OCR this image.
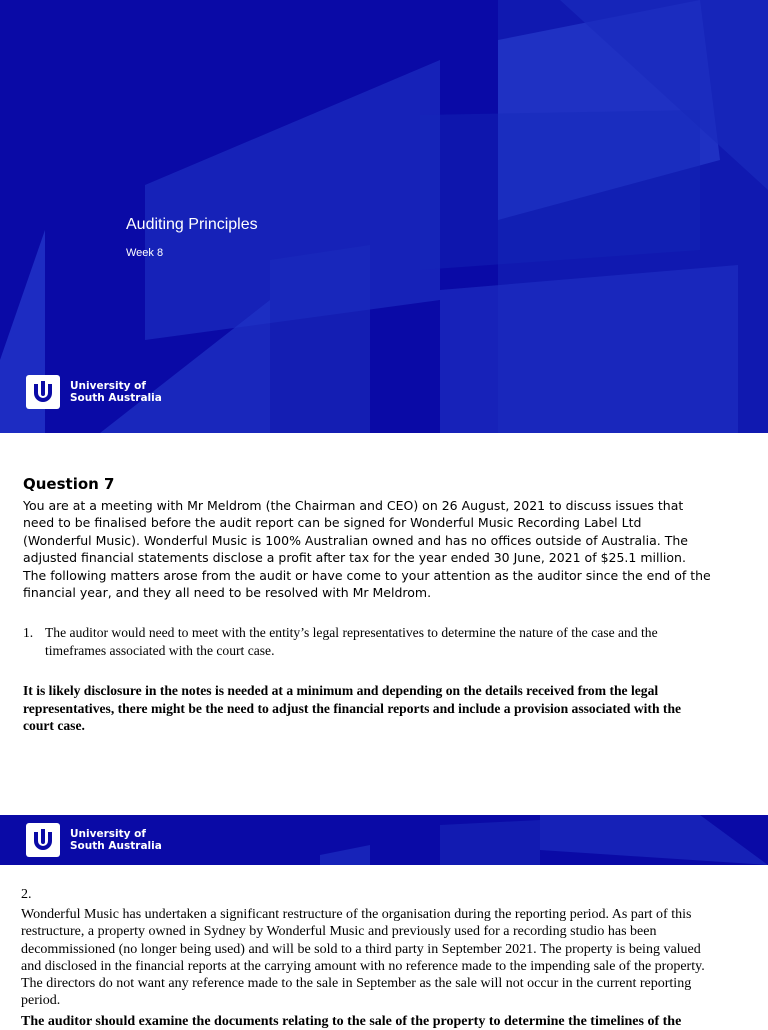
Auditing Principles
Week 8
University of
South Australia
Question 7
You are at a meeting with Mr Meldrom (the Chairman and CEO) on 26 August, 2021 to discuss issues that need to be finalised before the audit report can be signed for Wonderful Music Recording Label Ltd (Wonderful Music). Wonderful Music is 100% Australian owned and has no offices outside of Australia. The adjusted financial statements disclose a profit after tax for the year ended 30 June, 2021 of $25.1 million. The following matters arose from the audit or have come to your attention as the auditor since the end of the financial year, and they all need to be resolved with Mr Meldrom.
1. The auditor would need to meet with the entity’s legal representatives to determine the nature of the case and the timeframes associated with the court case.
It is likely disclosure in the notes is needed at a minimum and depending on the details received from the legal representatives, there might be the need to adjust the financial reports and include a provision associated with the court case.
University of
South Australia
2.
Wonderful Music has undertaken a significant restructure of the organisation during the reporting period. As part of this restructure, a property owned in Sydney by Wonderful Music and previously used for a recording studio has been decommissioned (no longer being used) and will be sold to a third party in September 2021. The property is being valued and disclosed in the financial reports at the carrying amount with no reference made to the impending sale of the property. The directors do not want any reference made to the sale in September as the sale will not occur in the current reporting period.
The auditor should examine the documents relating to the sale of the property to determine the timelines of the
